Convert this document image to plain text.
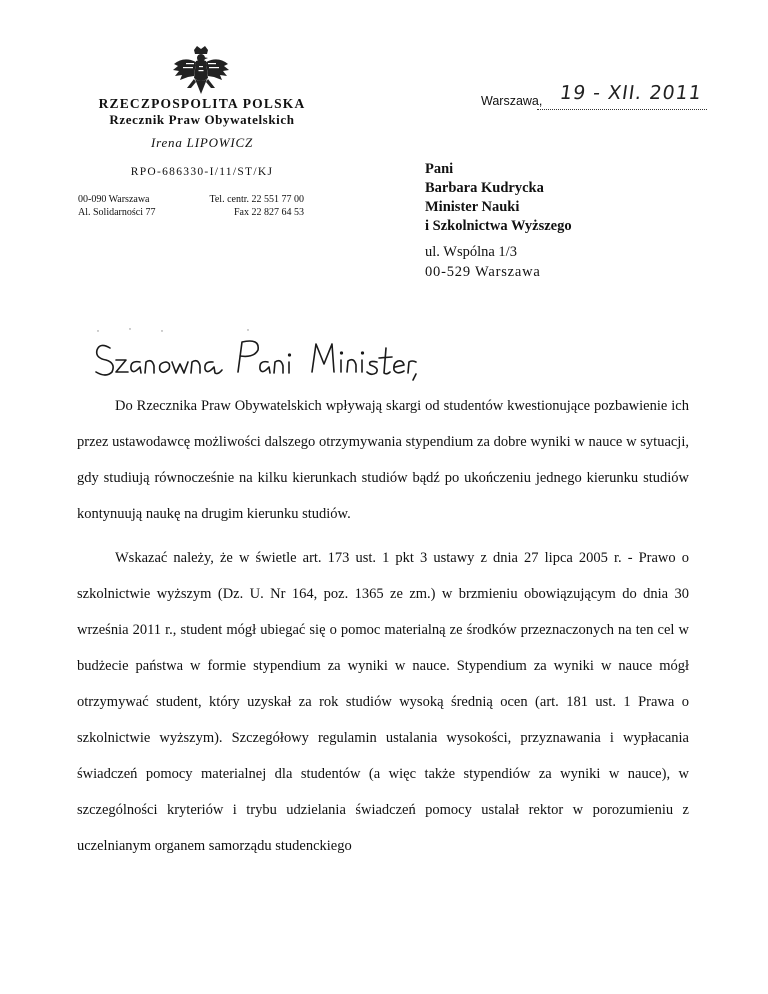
RZECZPOSPOLITA POLSKA
Rzecznik Praw Obywatelskich
Irena LIPOWICZ
RPO-686330-I/11/ST/KJ
00-090 Warszawa
Al. Solidarności 77
Tel. centr. 22 551 77 00
Fax 22 827 64 53
Warszawa, 19 - XII. 2011
Pani
Barbara Kudrycka
Minister Nauki
i Szkolnictwa Wyższego
ul. Wspólna 1/3
00-529 Warszawa

Do Rzecznika Praw Obywatelskich wpływają skargi od studentów kwestionujące pozbawienie ich przez ustawodawcę możliwości dalszego otrzymywania stypendium za dobre wyniki w nauce w sytuacji, gdy studiują równocześnie na kilku kierunkach studiów bądź po ukończeniu jednego kierunku studiów kontynuują naukę na drugim kierunku studiów.

Wskazać należy, że w świetle art. 173 ust. 1 pkt 3 ustawy z dnia 27 lipca 2005 r. - Prawo o szkolnictwie wyższym (Dz. U. Nr 164, poz. 1365 ze zm.) w brzmieniu obowiązującym do dnia 30 września 2011 r., student mógł ubiegać się o pomoc materialną ze środków przeznaczonych na ten cel w budżecie państwa w formie stypendium za wyniki w nauce. Stypendium za wyniki w nauce mógł otrzymywać student, który uzyskał za rok studiów wysoką średnią ocen (art. 181 ust. 1 Prawa o szkolnictwie wyższym). Szczegółowy regulamin ustalania wysokości, przyznawania i wypłacania świadczeń pomocy materialnej dla studentów (a więc także stypendiów za wyniki w nauce), w szczególności kryteriów i trybu udzielania świadczeń pomocy ustalał rektor w porozumieniu z uczelnianym organem samorządu studenckiego
